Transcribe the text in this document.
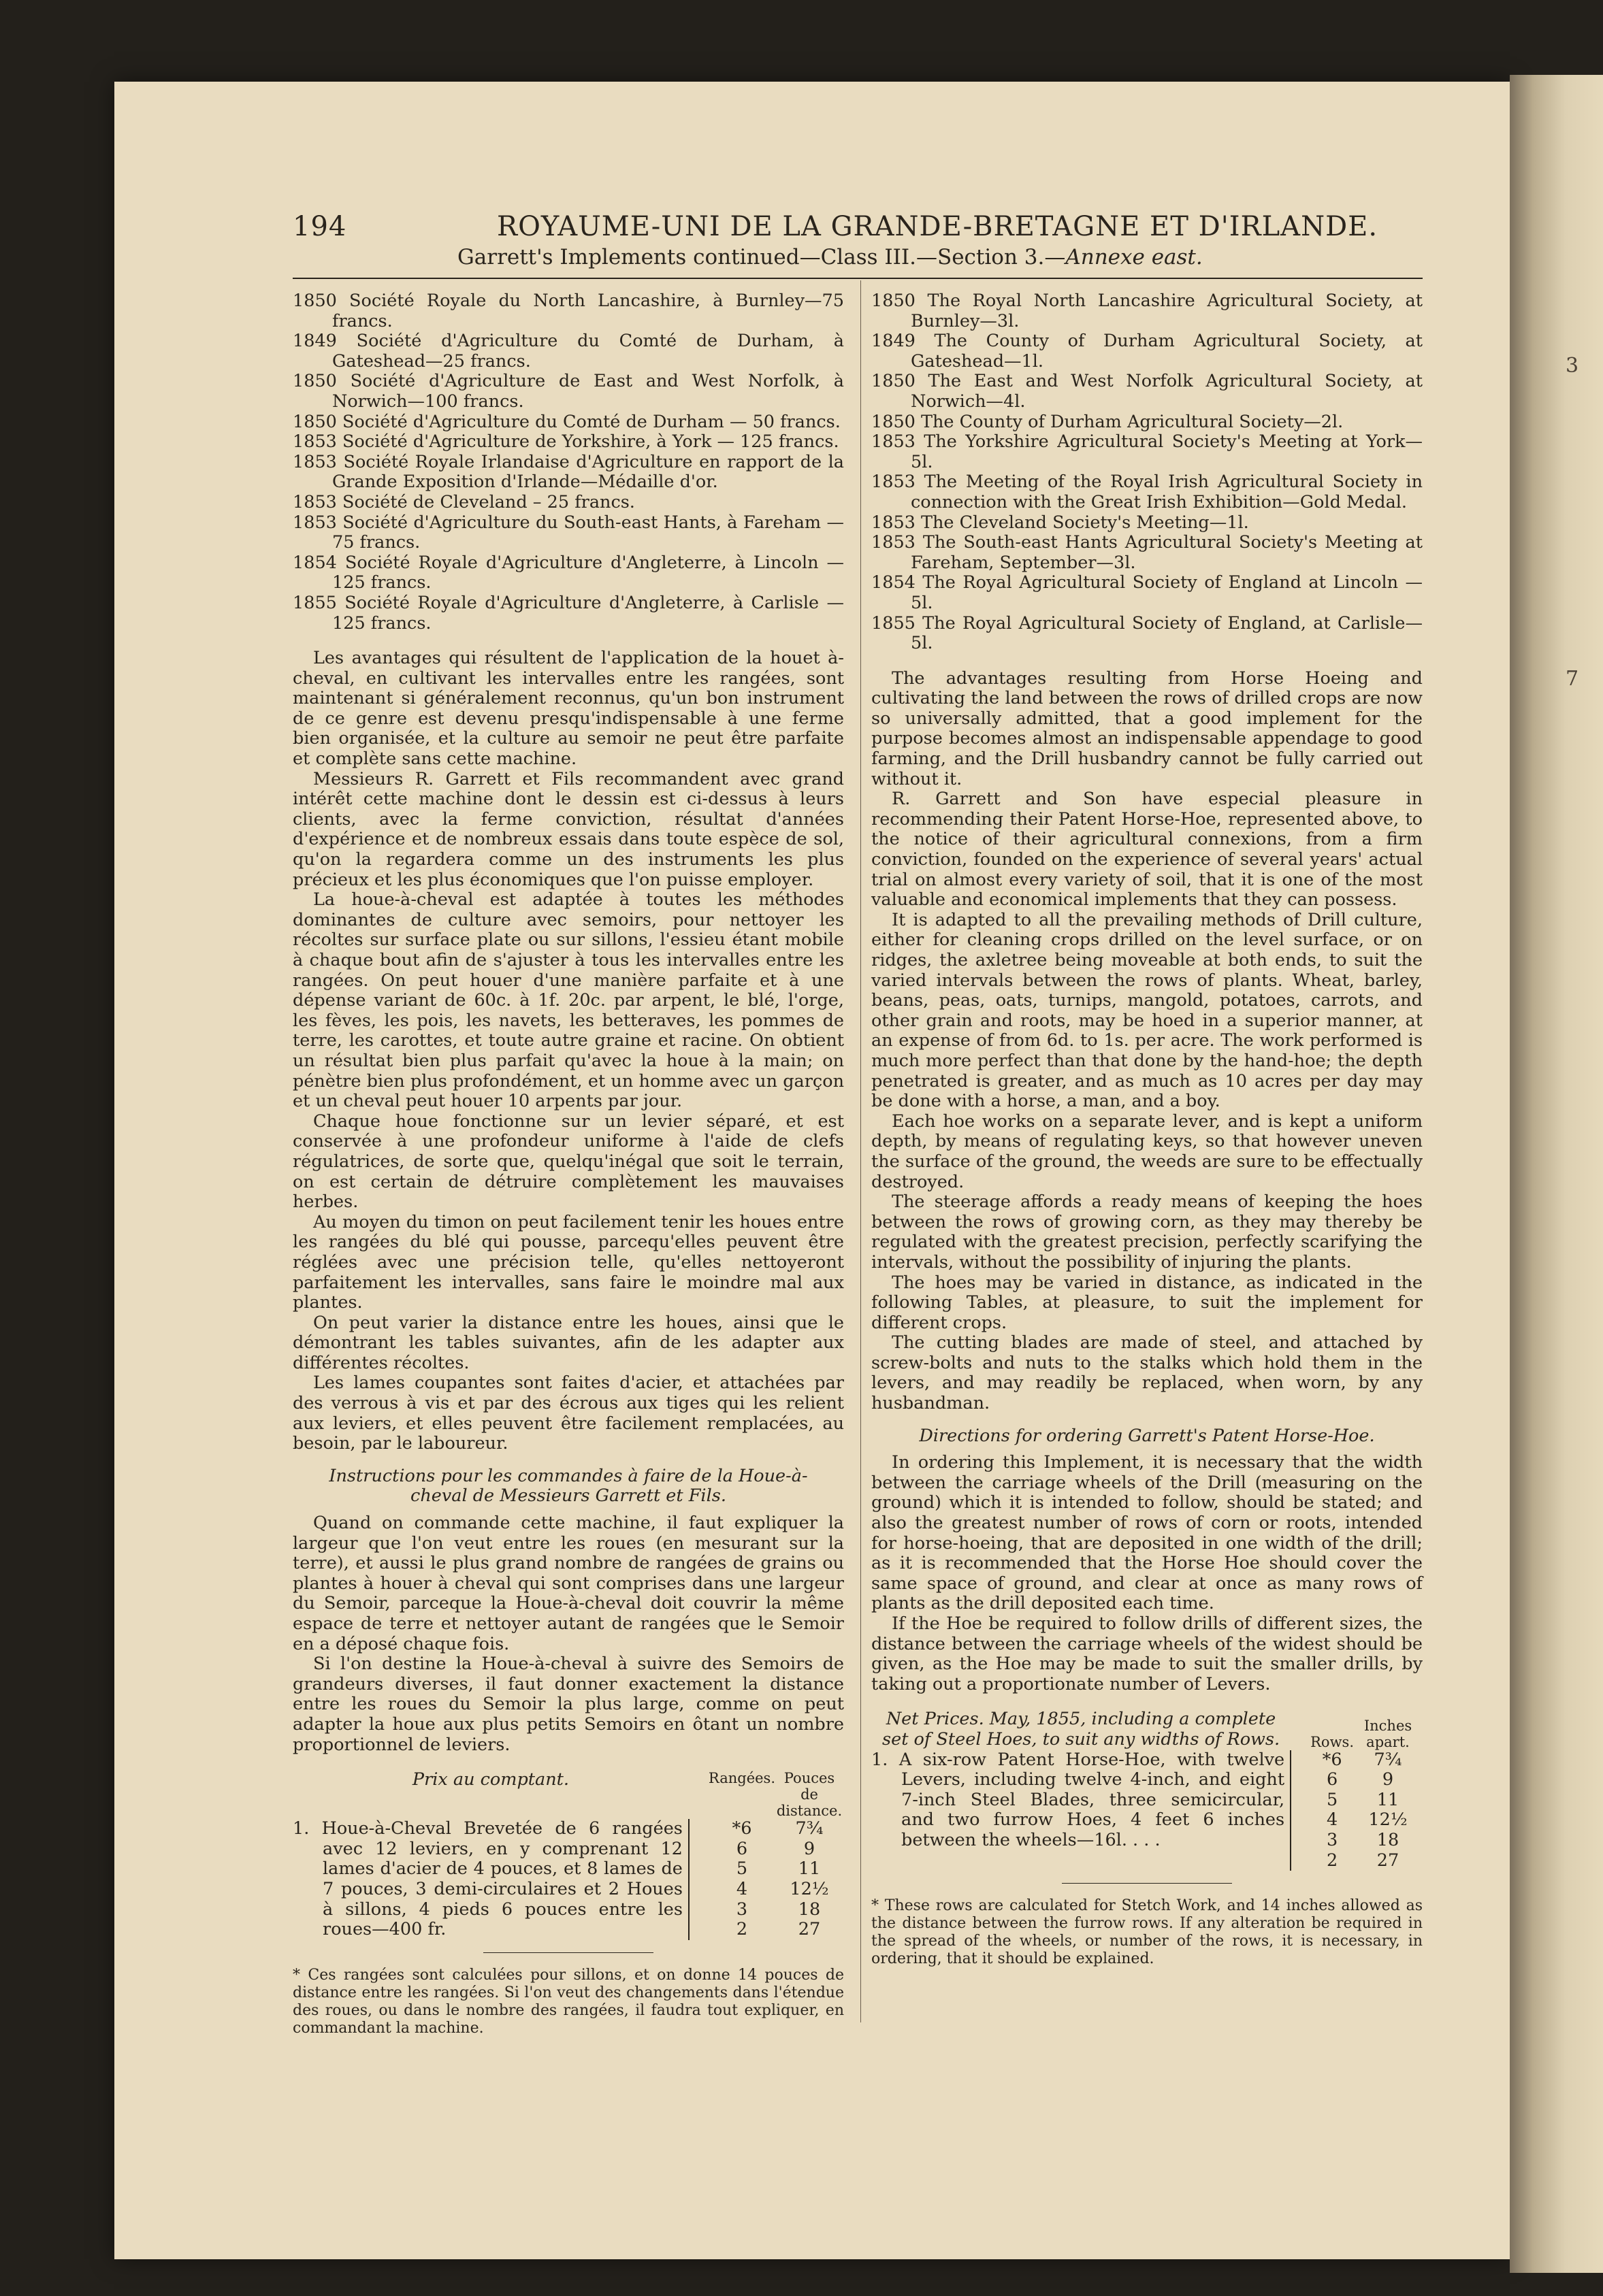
3
7
194	ROYAUME-UNI DE LA GRANDE-BRETAGNE ET D'IRLANDE.
Garrett's Implements continued—Class III.—Section 3.—Annexe east.

1850 Société Royale du North Lancashire, à Burnley—75 francs.

1849 Société d'Agriculture du Comté de Durham, à Gateshead—25 francs.

1850 Société d'Agriculture de East and West Norfolk, à Norwich—100 francs.

1850 Société d'Agriculture du Comté de Durham — 50 francs.

1853 Société d'Agriculture de Yorkshire, à York — 125 francs.

1853 Société Royale Irlandaise d'Agriculture en rapport de la Grande Exposition d'Irlande—Médaille d'or.

1853 Société de Cleveland – 25 francs.

1853 Société d'Agriculture du South-east Hants, à Fareham —75 francs.

1854 Société Royale d'Agriculture d'Angleterre, à Lincoln — 125 francs.

1855 Société Royale d'Agriculture d'Angleterre, à Carlisle —125 francs.

Les avantages qui résultent de l'application de la houet à-cheval, en cultivant les intervalles entre les rangées, sont maintenant si généralement reconnus, qu'un bon instrument de ce genre est devenu presqu'indispensable à une ferme bien organisée, et la culture au semoir ne peut être parfaite et complète sans cette machine.

Messieurs R. Garrett et Fils recommandent avec grand intérêt cette machine dont le dessin est ci-dessus à leurs clients, avec la ferme conviction, résultat d'années d'expérience et de nombreux essais dans toute espèce de sol, qu'on la regardera comme un des instruments les plus précieux et les plus économiques que l'on puisse employer.

La houe-à-cheval est adaptée à toutes les méthodes dominantes de culture avec semoirs, pour nettoyer les récoltes sur surface plate ou sur sillons, l'essieu étant mobile à chaque bout afin de s'ajuster à tous les intervalles entre les rangées. On peut houer d'une manière parfaite et à une dépense variant de 60c. à 1f. 20c. par arpent, le blé, l'orge, les fèves, les pois, les navets, les betteraves, les pommes de terre, les carottes, et toute autre graine et racine. On obtient un résultat bien plus parfait qu'avec la houe à la main; on pénètre bien plus profondément, et un homme avec un garçon et un cheval peut houer 10 arpents par jour.

Chaque houe fonctionne sur un levier séparé, et est conservée à une profondeur uniforme à l'aide de clefs régulatrices, de sorte que, quelqu'inégal que soit le terrain, on est certain de détruire complètement les mauvaises herbes.

Au moyen du timon on peut facilement tenir les houes entre les rangées du blé qui pousse, parcequ'elles peuvent être réglées avec une précision telle, qu'elles nettoyeront parfaitement les intervalles, sans faire le moindre mal aux plantes.

On peut varier la distance entre les houes, ainsi que le démontrant les tables suivantes, afin de les adapter aux différentes récoltes.

Les lames coupantes sont faites d'acier, et attachées par des verrous à vis et par des écrous aux tiges qui les relient aux leviers, et elles peuvent être facilement remplacées, au besoin, par le laboureur.

Instructions pour les commandes à faire de la Houe-à-cheval de Messieurs Garrett et Fils.

Quand on commande cette machine, il faut expliquer la largeur que l'on veut entre les roues (en mesurant sur la terre), et aussi le plus grand nombre de rangées de grains ou plantes à houer à cheval qui sont comprises dans une largeur du Semoir, parceque la Houe-à-cheval doit couvrir la même espace de terre et nettoyer autant de rangées que le Semoir en a déposé chaque fois.

Si l'on destine la Houe-à-cheval à suivre des Semoirs de grandeurs diverses, il faut donner exactement la distance entre les roues du Semoir la plus large, comme on peut adapter la houe aux plus petits Semoirs en ôtant un nombre proportionnel de leviers.

Prix au comptant.		Rangées.	Pouces de distance.
1. Houe-à-Cheval Brevetée de 6 rangées avec 12 leviers, en y comprenant 12 lames d'acier de 4 pouces, et 8 lames de 7 pouces, 3 demi-circulaires et 2 Houes à sillons, 4 pieds 6 pouces entre les roues—400 fr.		*6	7¾
		6	9
		5	11
		4	12½
		3	18
		2	27

* Ces rangées sont calculées pour sillons, et on donne 14 pouces de distance entre les rangées. Si l'on veut des changements dans l'étendue des roues, ou dans le nombre des rangées, il faudra tout expliquer, en commandant la machine.

1850 The Royal North Lancashire Agricultural Society, at Burnley—3l.

1849 The County of Durham Agricultural Society, at Gateshead—1l.

1850 The East and West Norfolk Agricultural Society, at Norwich—4l.

1850 The County of Durham Agricultural Society—2l.

1853 The Yorkshire Agricultural Society's Meeting at York—5l.

1853 The Meeting of the Royal Irish Agricultural Society in connection with the Great Irish Exhibition—Gold Medal.

1853 The Cleveland Society's Meeting—1l.

1853 The South-east Hants Agricultural Society's Meeting at Fareham, September—3l.

1854 The Royal Agricultural Society of England at Lincoln — 5l.

1855 The Royal Agricultural Society of England, at Carlisle—5l.

The advantages resulting from Horse Hoeing and cultivating the land between the rows of drilled crops are now so universally admitted, that a good implement for the purpose becomes almost an indispensable appendage to good farming, and the Drill husbandry cannot be fully carried out without it.

R. Garrett and Son have especial pleasure in recommending their Patent Horse-Hoe, represented above, to the notice of their agricultural connexions, from a firm conviction, founded on the experience of several years' actual trial on almost every variety of soil, that it is one of the most valuable and economical implements that they can possess.

It is adapted to all the prevailing methods of Drill culture, either for cleaning crops drilled on the level surface, or on ridges, the axletree being moveable at both ends, to suit the varied intervals between the rows of plants. Wheat, barley, beans, peas, oats, turnips, mangold, potatoes, carrots, and other grain and roots, may be hoed in a superior manner, at an expense of from 6d. to 1s. per acre. The work performed is much more perfect than that done by the hand-hoe; the depth penetrated is greater, and as much as 10 acres per day may be done with a horse, a man, and a boy.

Each hoe works on a separate lever, and is kept a uniform depth, by means of regulating keys, so that however uneven the surface of the ground, the weeds are sure to be effectually destroyed.

The steerage affords a ready means of keeping the hoes between the rows of growing corn, as they may thereby be regulated with the greatest precision, perfectly scarifying the intervals, without the possibility of injuring the plants.

The hoes may be varied in distance, as indicated in the following Tables, at pleasure, to suit the implement for different crops.

The cutting blades are made of steel, and attached by screw-bolts and nuts to the stalks which hold them in the levers, and may readily be replaced, when worn, by any husbandman.

Directions for ordering Garrett's Patent Horse-Hoe.

In ordering this Implement, it is necessary that the width between the carriage wheels of the Drill (measuring on the ground) which it is intended to follow, should be stated; and also the greatest number of rows of corn or roots, intended for horse-hoeing, that are deposited in one width of the drill; as it is recommended that the Horse Hoe should cover the same space of ground, and clear at once as many rows of plants as the drill deposited each time.

If the Hoe be required to follow drills of different sizes, the distance between the carriage wheels of the widest should be given, as the Hoe may be made to suit the smaller drills, by taking out a proportionate number of Levers.

Net Prices. May, 1855, including a complete set of Steel Hoes, to suit any widths of Rows.		Rows.	Inches apart.
1. A six-row Patent Horse-Hoe, with twelve Levers, including twelve 4-inch, and eight 7-inch Steel Blades, three semicircular, and two furrow Hoes, 4 feet 6 inches between the wheels—16l. . . .		*6	7¾
		6	9
		5	11
		4	12½
		3	18
		2	27

* These rows are calculated for Stetch Work, and 14 inches allowed as the distance between the furrow rows. If any alteration be required in the spread of the wheels, or number of the rows, it is necessary, in ordering, that it should be explained.
